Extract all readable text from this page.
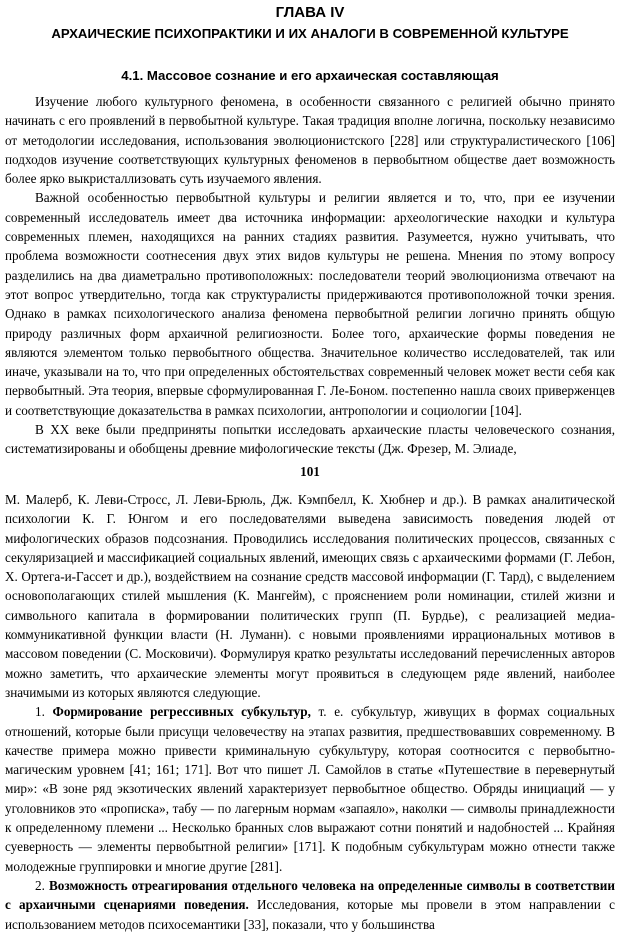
ГЛАВА IV
АРХАИЧЕСКИЕ ПСИХОПРАКТИКИ И ИХ АНАЛОГИ В СОВРЕМЕННОЙ КУЛЬТУРЕ
4.1. Массовое сознание и его архаическая составляющая

Изучение любого культурного феномена, в особенности связанного с религией обычно принято начинать с его проявлений в первобытной культуре. Такая традиция вполне логична, поскольку независимо от методологии исследования, использования эволюционистского [228] или структуралистического [106] подходов изучение соответствующих культурных феноменов в первобытном обществе дает возможность более ярко выкристаллизовать суть изучаемого явления.

Важной особенностью первобытной культуры и религии является и то, что, при ее изучении современный исследователь имеет два источника информации: археологические находки и культура современных племен, находящихся на ранних стадиях развития. Разумеется, нужно учитывать, что проблема возможности соотнесения двух этих видов культуры не решена. Мнения по этому вопросу разделились на два диаметрально противоположных: последователи теорий эволюционизма отвечают на этот вопрос утвердительно, тогда как структуралисты придерживаются противоположной точки зрения. Однако в рамках психологического анализа феномена первобытной религии логично принять общую природу различных форм архаичной религиозности. Более того, архаические формы поведения не являются элементом только первобытного общества. Значительное количество исследователей, так или иначе, указывали на то, что при определенных обстоятельствах современный человек может вести себя как первобытный. Эта теория, впервые сформулированная Г. Ле-Боном. постепенно нашла своих приверженцев и соответствующие доказательства в рамках психологии, антропологии и социологии [104].

В XX веке были предприняты попытки исследовать архаические пласты человеческого сознания, систематизированы и обобщены древние мифологические тексты (Дж. Фрезер, М. Элиаде,

101

М. Малерб, К. Леви-Стросс, Л. Леви-Брюль, Дж. Кэмпбелл, К. Хюбнер и др.). В рамках аналитической психологии К. Г. Юнгом и его последователями выведена зависимость поведения людей от мифологических образов подсознания. Проводились исследования политических процессов, связанных с секуляризацией и массификацией социальных явлений, имеющих связь с архаическими формами (Г. Лебон, Х. Ортега-и-Гассет и др.), воздействием на сознание средств массовой информации (Г. Тард), с выделением основополагающих стилей мышления (К. Мангейм), с прояснением роли номинации, стилей жизни и символьного капитала в формировании политических групп (П. Бурдье), с реализацией медиа-коммуникативной функции власти (Н. Луманн). с новыми проявлениями иррациональных мотивов в массовом поведении (С. Московичи). Формулируя кратко результаты исследований перечисленных авторов можно заметить, что архаические элементы могут проявиться в следующем ряде явлений, наиболее значимыми из которых являются следующие.

1. Формирование регрессивных субкультур, т. е. субкультур, живущих в формах социальных отношений, которые были присущи человечеству на этапах развития, предшествовавших современному. В качестве примера можно привести криминальную субкультуру, которая соотносится с первобытно-магическим уровнем [41; 161; 171]. Вот что пишет Л. Самойлов в статье «Путешествие в перевернутый мир»: «В зоне ряд экзотических явлений характеризует первобытное общество. Обряды инициаций — у уголовников это «прописка», табу — по лагерным нормам «запаяло», наколки — символы принадлежности к определенному племени ... Несколько бранных слов выражают сотни понятий и надобностей ... Крайняя суеверность — элементы первобытной религии» [171]. К подобным субкультурам можно отнести также молодежные группировки и многие другие [281].

2. Возможность отреагирования отдельного человека на определенные символы в соответствии с архаичными сценариями поведения. Исследования, которые мы провели в этом направлении с использованием методов психосемантики [33], показали, что у большинства
